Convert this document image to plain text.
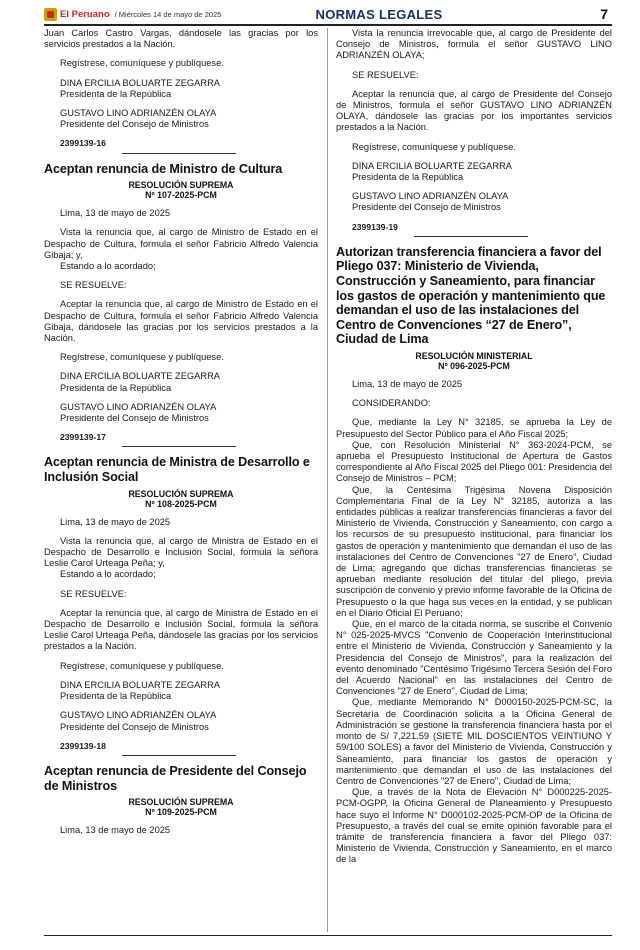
El Peruano / Miércoles 14 de mayo de 2025	NORMAS LEGALES	7

Juan Carlos Castro Vargas, dándosele las gracias por los servicios prestados a la Nación.

Regístrese, comuníquese y publíquese.

DINA ERCILIA BOLUARTE ZEGARRA

Presidenta de la República

GUSTAVO LINO ADRIANZÉN OLAYA

Presidente del Consejo de Ministros

2399139-16

Aceptan renuncia de Ministro de Cultura

RESOLUCIÓN SUPREMA

Nº 107-2025-PCM

Lima, 13 de mayo de 2025

Vista la renuncia que, al cargo de Ministro de Estado en el Despacho de Cultura, formula el señor Fabricio Alfredo Valencia Gibaja; y,

Estando a lo acordado;

SE RESUELVE:

Aceptar la renuncia que, al cargo de Ministro de Estado en el Despacho de Cultura, formula el señor Fabricio Alfredo Valencia Gibaja, dándosele las gracias por los servicios prestados a la Nación.

Regístrese, comuníquese y publíquese.

DINA ERCILIA BOLUARTE ZEGARRA

Presidenta de la República

GUSTAVO LINO ADRIANZÉN OLAYA

Presidente del Consejo de Ministros

2399139-17

Aceptan renuncia de Ministra de Desarrollo e Inclusión Social

RESOLUCIÓN SUPREMA

Nº 108-2025-PCM

Lima, 13 de mayo de 2025

Vista la renuncia que, al cargo de Ministra de Estado en el Despacho de Desarrollo e Inclusión Social, formula la señora Leslie Carol Urteaga Peña; y,

Estando a lo acordado;

SE RESUELVE:

Aceptar la renuncia que, al cargo de Ministra de Estado en el Despacho de Desarrollo e Inclusión Social, formula la señora Leslie Carol Urteaga Peña, dándosele las gracias por los servicios prestados a la Nación.

Regístrese, comuníquese y publíquese.

DINA ERCILIA BOLUARTE ZEGARRA

Presidenta de la República

GUSTAVO LINO ADRIANZÉN OLAYA

Presidente del Consejo de Ministros

2399139-18

Aceptan renuncia de Presidente del Consejo de Ministros

RESOLUCIÓN SUPREMA

Nº 109-2025-PCM

Lima, 13 de mayo de 2025

Vista la renuncia irrevocable que, al cargo de Presidente del Consejo de Ministros, formula el señor GUSTAVO LINO ADRIANZÉN OLAYA;

SE RESUELVE:

Aceptar la renuncia que, al cargo de Presidente del Consejo de Ministros, formula el señor GUSTAVO LINO ADRIANZÉN OLAYA, dándosele las gracias por los importantes servicios prestados a la Nación.

Regístrese, comuníquese y publíquese.

DINA ERCILIA BOLUARTE ZEGARRA

Presidenta de la República

GUSTAVO LINO ADRIANZÉN OLAYA

Presidente del Consejo de Ministros

2399139-19

Autorizan transferencia financiera a favor del Pliego 037: Ministerio de Vivienda, Construcción y Saneamiento, para financiar los gastos de operación y mantenimiento que demandan el uso de las instalaciones del Centro de Convenciones “27 de Enero”, Ciudad de Lima

RESOLUCIÓN MINISTERIAL

Nº 096-2025-PCM

Lima, 13 de mayo de 2025

CONSIDERANDO:

Que, mediante la Ley N° 32185, se aprueba la Ley de Presupuesto del Sector Público para el Año Fiscal 2025;

Que, con Resolución Ministerial N° 363-2024-PCM, se aprueba el Presupuesto Institucional de Apertura de Gastos correspondiente al Año Fiscal 2025 del Pliego 001: Presidencia del Consejo de Ministros – PCM;

Que, la Centésima Trigésima Novena Disposición Complementaria Final de la Ley N° 32185, autoriza a las entidades públicas a realizar transferencias financieras a favor del Ministerio de Vivienda, Construcción y Saneamiento, con cargo a los recursos de su presupuesto institucional, para financiar los gastos de operación y mantenimiento que demandan el uso de las instalaciones del Centro de Convenciones "27 de Enero", Ciudad de Lima; agregando que dichas transferencias financieras se aprueban mediante resolución del titular del pliego, previa suscripción de convenio y previo informe favorable de la Oficina de Presupuesto o la que haga sus veces en la entidad, y se publican en el Diario Oficial El Peruano;

Que, en el marco de la citada norma, se suscribe el Convenio N° 025-2025-MVCS "Convenio de Cooperación Interinstitucional entre el Ministerio de Vivienda, Construcción y Saneamiento y la Presidencia del Consejo de Ministros", para la realización del evento denominado "Centésimo Trigésimo Tercera Sesión del Foro del Acuerdo Nacional" en las instalaciones del Centro de Convenciones "27 de Enero", Ciudad de Lima;

Que, mediante Memorando N° D000150-2025-PCM-SC, la Secretaría de Coordinación solicita a la Oficina General de Administración se gestione la transferencia financiera hasta por el monto de S/ 7,221.59 (SIETE MIL DOSCIENTOS VEINTIUNO Y 59/100 SOLES) a favor del Ministerio de Vivienda, Construcción y Saneamiento, para financiar los gastos de operación y mantenimiento que demandan el uso de las instalaciones del Centro de Convenciones "27 de Enero", Ciudad de Lima;

Que, a través de la Nota de Elevación N° D000225-2025-PCM-OGPP, la Oficina General de Planeamiento y Presupuesto hace suyo el Informe N° D000102-2025-PCM-OP de la Oficina de Presupuesto, a través del cual se emite opinión favorable para el trámite de transferencia financiera a favor del Pliego 037: Ministerio de Vivienda, Construcción y Saneamiento, en el marco de la
